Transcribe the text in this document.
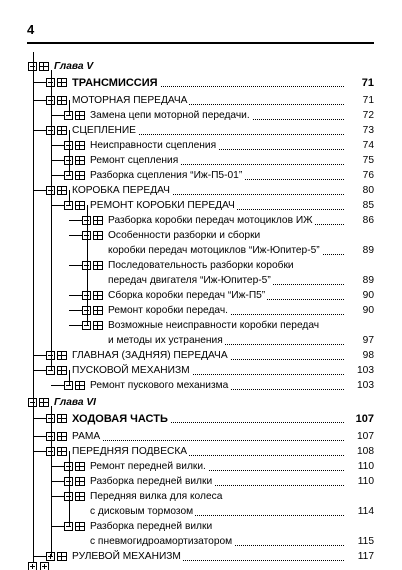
4
Глава V
ТРАНСМИССИЯ	71
МОТОРНАЯ ПЕРЕДАЧА	71
Замена цепи моторной передачи.	72
СЦЕПЛЕНИЕ	73
Неисправности сцепления	74
Ремонт сцепления	75
Разборка сцепления “Иж-П5-01”	76
КОРОБКА ПЕРЕДАЧ	80
РЕМОНТ КОРОБКИ ПЕРЕДАЧ	85
Разборка коробки передач мотоциклов ИЖ	86
Особенности разборки и сборки
коробки передач мотоциклов “Иж-Юпитер-5”	89
Последовательность разборки коробки
передач двигателя “Иж-Юпитер-5”	89
Сборка коробки передач “Иж-П5”	90
Ремонт коробки передач.	90
Возможные неисправности коробки передач
и методы их устранения	97
ГЛАВНАЯ (ЗАДНЯЯ) ПЕРЕДАЧА	98
ПУСКОВОЙ МЕХАНИЗМ	103
Ремонт пускового механизма	103
Глава VI
ХОДОВАЯ ЧАСТЬ	107
РАМА	107
ПЕРЕДНЯЯ ПОДВЕСКА	108
Ремонт передней вилки.	110
Разборка передней вилки	110
Передняя вилка для колеса
с дисковым тормозом	114
Разборка передней вилки
с пневмогидроамортизатором	115
РУЛЕВОЙ МЕХАНИЗМ	117
